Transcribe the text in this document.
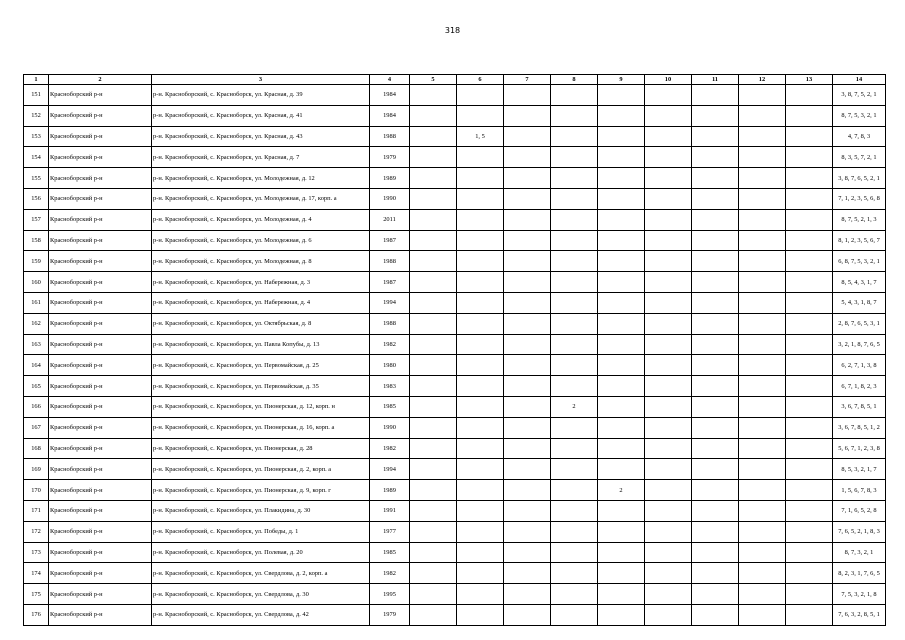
318
1	2	3	4	5	6	7	8	9	10	11	12	13	14
151	Красноборский р-н	р-н. Красноборский, с. Красноборск, ул. Красная, д. 39	1984										3, 8, 7, 5, 2, 1
152	Красноборский р-н	р-н. Красноборский, с. Красноборск, ул. Красная, д. 41	1984										8, 7, 5, 3, 2, 1
153	Красноборский р-н	р-н. Красноборский, с. Красноборск, ул. Красная, д. 43	1988		1, 5								4, 7, 8, 3
154	Красноборский р-н	р-н. Красноборский, с. Красноборск, ул. Красная, д. 7	1979										8, 3, 5, 7, 2, 1
155	Красноборский р-н	р-н. Красноборский, с. Красноборск, ул. Молодежная, д. 12	1989										3, 8, 7, 6, 5, 2, 1
156	Красноборский р-н	р-н. Красноборский, с. Красноборск, ул. Молодежная, д. 17, корп. а	1990										7, 1, 2, 3, 5, 6, 8
157	Красноборский р-н	р-н. Красноборский, с. Красноборск, ул. Молодежная, д. 4	2011										8, 7, 5, 2, 1, 3
158	Красноборский р-н	р-н. Красноборский, с. Красноборск, ул. Молодежная, д. 6	1987										8, 1, 2, 3, 5, 6, 7
159	Красноборский р-н	р-н. Красноборский, с. Красноборск, ул. Молодежная, д. 8	1988										6, 8, 7, 5, 3, 2, 1
160	Красноборский р-н	р-н. Красноборский, с. Красноборск, ул. Набережная, д. 3	1987										8, 5, 4, 3, 1, 7
161	Красноборский р-н	р-н. Красноборский, с. Красноборск, ул. Набережная, д. 4	1994										5, 4, 3, 1, 8, 7
162	Красноборский р-н	р-н. Красноборский, с. Красноборск, ул. Октябрьская, д. 8	1988										2, 8, 7, 6, 5, 3, 1
163	Красноборский р-н	р-н. Красноборский, с. Красноборск, ул. Павла Копубы, д. 13	1982										3, 2, 1, 8, 7, 6, 5
164	Красноборский р-н	р-н. Красноборский, с. Красноборск, ул. Первомайская, д. 25	1980										6, 2, 7, 1, 3, 8
165	Красноборский р-н	р-н. Красноборский, с. Красноборск, ул. Первомайская, д. 35	1983										6, 7, 1, 8, 2, 3
166	Красноборский р-н	р-н. Красноборский, с. Красноборск, ул. Пионерская, д. 12, корп. н	1985				2						3, 6, 7, 8, 5, 1
167	Красноборский р-н	р-н. Красноборский, с. Красноборск, ул. Пионерская, д. 16, корп. а	1990										3, 6, 7, 8, 5, 1, 2
168	Красноборский р-н	р-н. Красноборский, с. Красноборск, ул. Пионерская, д. 28	1982										5, 6, 7, 1, 2, 3, 8
169	Красноборский р-н	р-н. Красноборский, с. Красноборск, ул. Пионерская, д. 2, корп. а	1994										8, 5, 3, 2, 1, 7
170	Красноборский р-н	р-н. Красноборский, с. Красноборск, ул. Пионерская, д. 9, корп. г	1989					2					1, 5, 6, 7, 8, 3
171	Красноборский р-н	р-н. Красноборский, с. Красноборск, ул. Плакидина, д. 30	1991										7, 1, 6, 5, 2, 8
172	Красноборский р-н	р-н. Красноборский, с. Красноборск, ул. Победы, д. 1	1977										7, 6, 5, 2, 1, 8, 3
173	Красноборский р-н	р-н. Красноборский, с. Красноборск, ул. Полевая, д. 20	1985										8, 7, 3, 2, 1
174	Красноборский р-н	р-н. Красноборский, с. Красноборск, ул. Свердлова, д. 2, корп. а	1982										8, 2, 3, 1, 7, 6, 5
175	Красноборский р-н	р-н. Красноборский, с. Красноборск, ул. Свердлова, д. 30	1995										7, 5, 3, 2, 1, 8
176	Красноборский р-н	р-н. Красноборский, с. Красноборск, ул. Свердлова, д. 42	1979										7, 6, 3, 2, 8, 5, 1
